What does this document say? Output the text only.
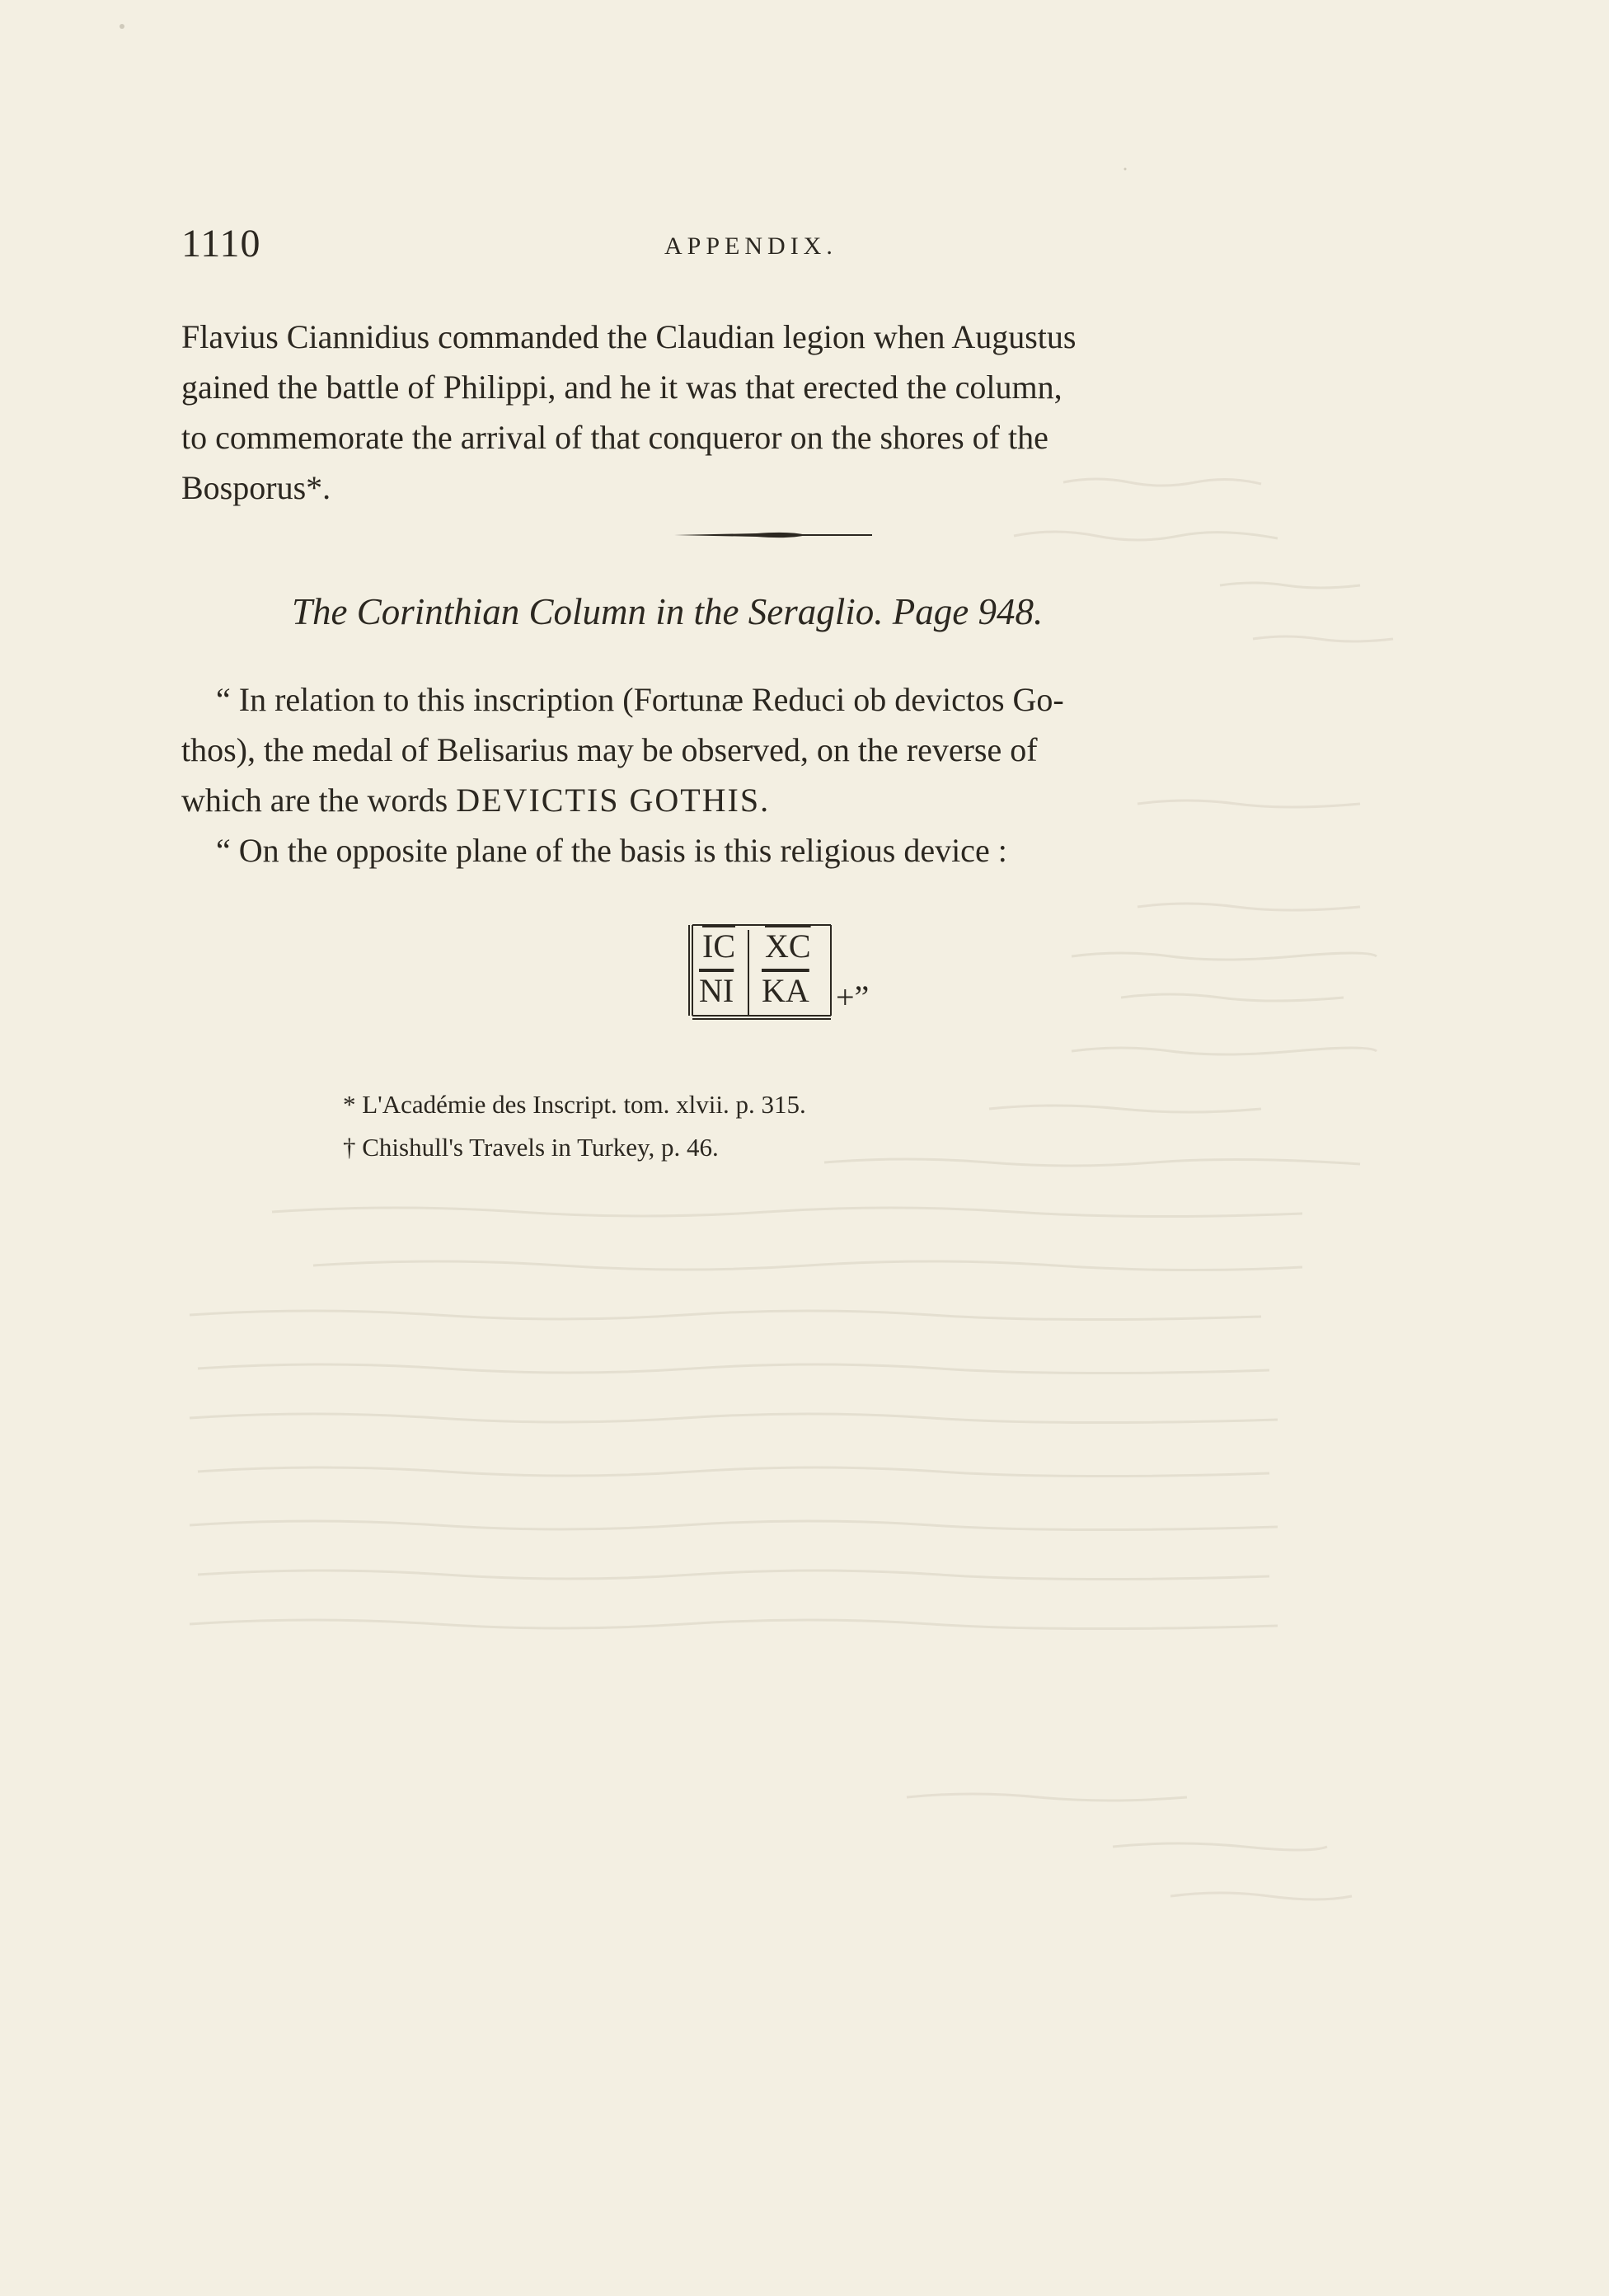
1110	APPENDIX.
Flavius Ciannidius commanded the Claudian legion when Augustus
gained the battle of Philippi, and he it was that erected the column,
to commemorate the arrival of that conqueror on the shores of the
Bosporus*.
The Corinthian Column in the Seraglio. Page 948.
“ In relation to this inscription (Fortunæ Reduci ob devictos Go-
thos), the medal of Belisarius may be observed, on the reverse of
which are the words DEVICTIS GOTHIS.
“ On the opposite plane of the basis is this religious device :
$\overline{IC}$ $\overline{XC}$
$\overline{NI}$ $\overline{KA}$ +”
* L'Académie des Inscript. tom. xlvii. p. 315.
† Chishull's Travels in Turkey, p. 46.
